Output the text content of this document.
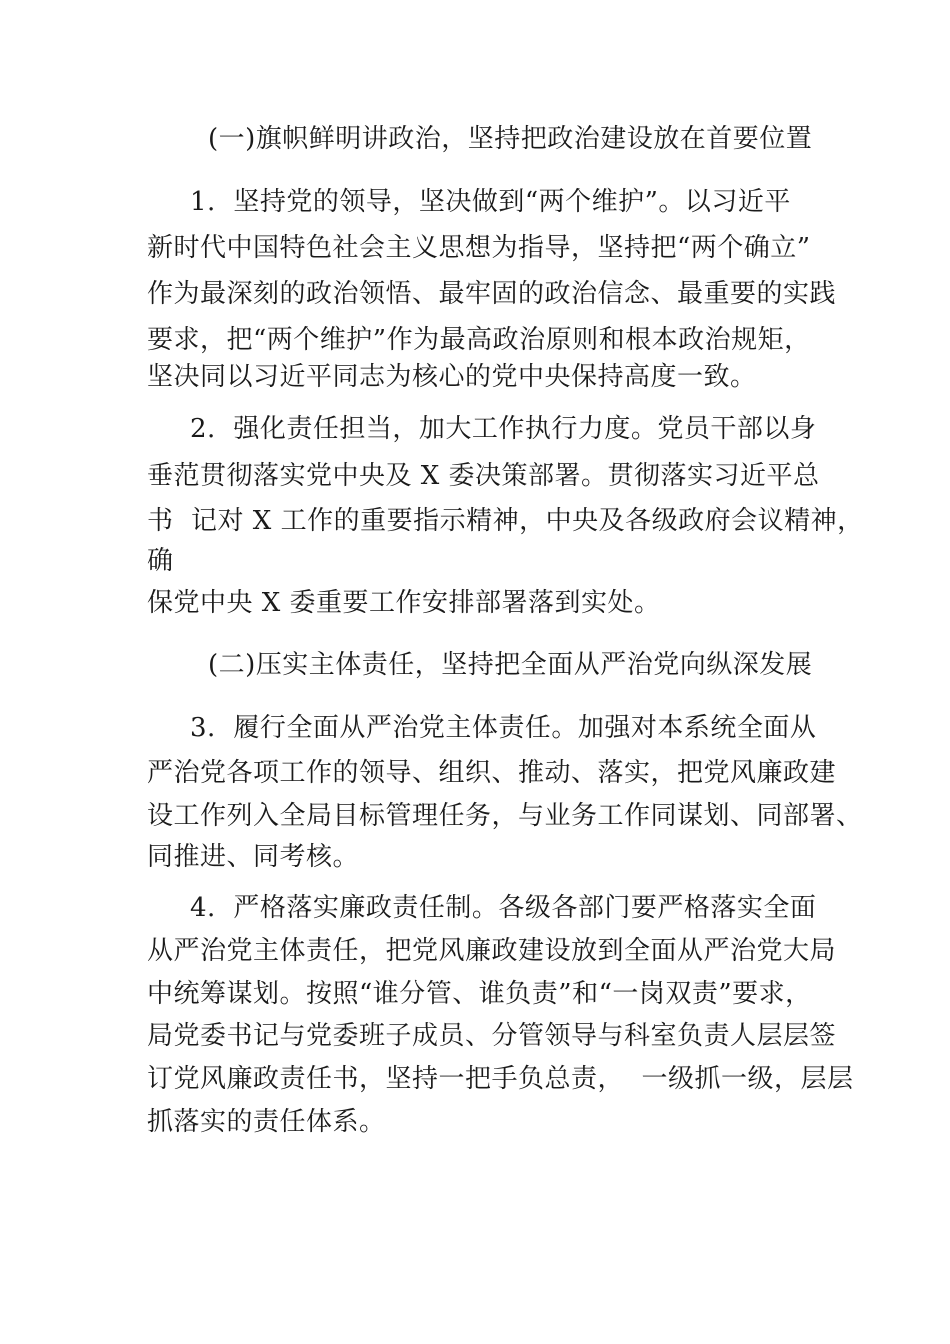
(一)旗帜鲜明讲政治，坚持把政治建设放在首要位置
1.  坚持党的领导，坚决做到“两个维护”。以习近平
新时代中国特色社会主义思想为指导，坚持把“两个确立”
作为最深刻的政治领悟、最牢固的政治信念、最重要的实践
要求，把“两个维护”作为最高政治原则和根本政治规矩，
坚决同以习近平同志为核心的党中央保持高度一致。
2.  强化责任担当，加大工作执行力度。党员干部以身
垂范贯彻落实党中央及 X 委决策部署。贯彻落实习近平总
书  记对 X 工作的重要指示精神，中央及各级政府会议精神，
确
保党中央 X 委重要工作安排部署落到实处。
(二)压实主体责任，坚持把全面从严治党向纵深发展
3.  履行全面从严治党主体责任。加强对本系统全面从
严治党各项工作的领导、组织、推动、落实，把党风廉政建
设工作列入全局目标管理任务，与业务工作同谋划、同部署、
同推进、同考核。
4.  严格落实廉政责任制。各级各部门要严格落实全面
从严治党主体责任，把党风廉政建设放到全面从严治党大局
中统筹谋划。按照“谁分管、谁负责”和“一岗双责”要求，
局党委书记与党委班子成员、分管领导与科室负责人层层签
订党风廉政责任书，坚持一把手负总责，  一级抓一级，层层
抓落实的责任体系。
